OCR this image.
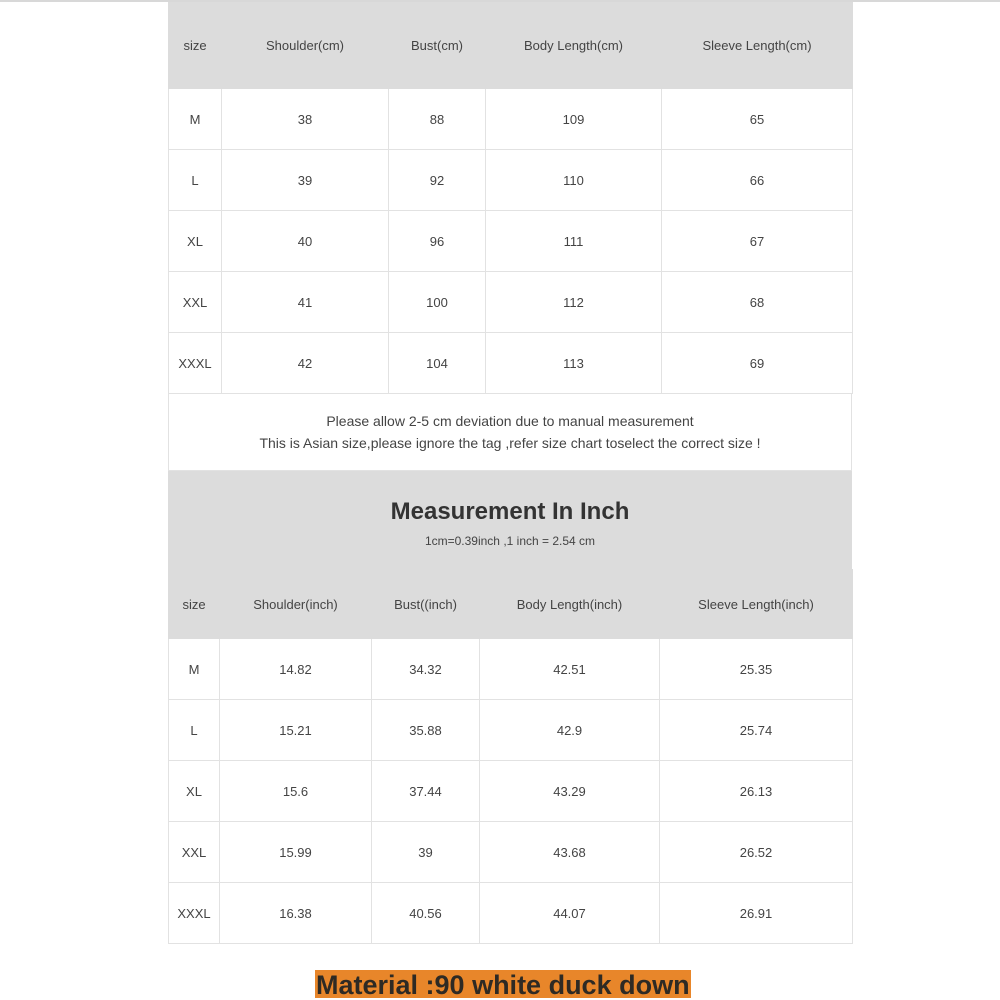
size	Shoulder(cm)	Bust(cm)	Body Length(cm)	Sleeve Length(cm)
M	38	88	109	65
L	39	92	110	66
XL	40	96	111	67
XXL	41	100	112	68
XXXL	42	104	113	69
Please allow 2-5 cm deviation due to manual measurement
This is Asian size,please ignore the tag ,refer size chart toselect the correct size !
Measurement In Inch
1cm=0.39inch ,1 inch = 2.54 cm
size	Shoulder(inch)	Bust((inch)	Body Length(inch)	Sleeve Length(inch)
M	14.82	34.32	42.51	25.35
L	15.21	35.88	42.9	25.74
XL	15.6	37.44	43.29	26.13
XXL	15.99	39	43.68	26.52
XXXL	16.38	40.56	44.07	26.91
Material :90 white duck down
